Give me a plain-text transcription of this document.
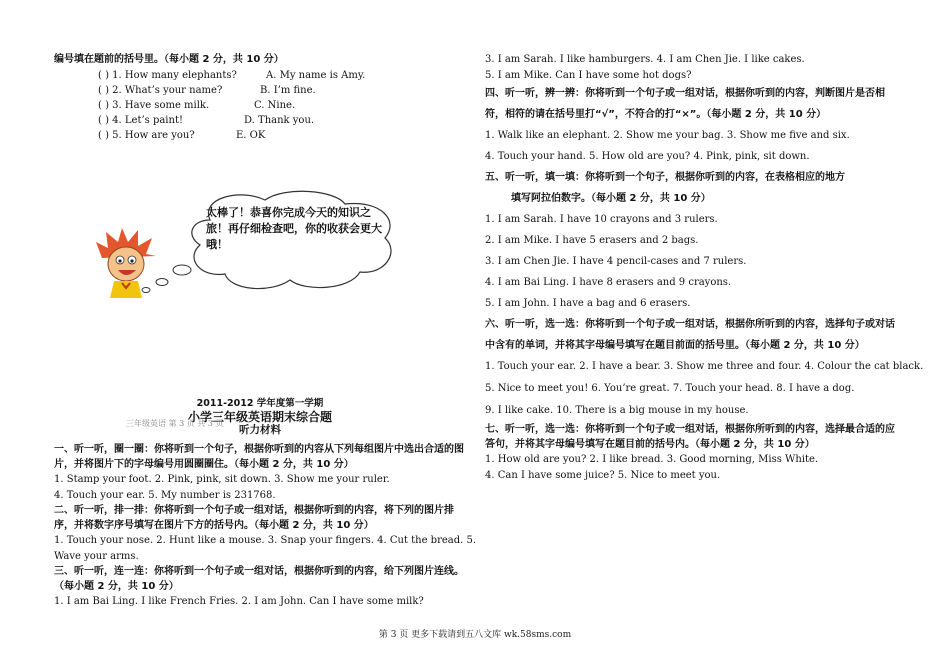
编号填在题前的括号里。（每小题 2 分，共 10 分）
( ) 1. How many elephants?	A. My name is Amy.
( ) 2. What’s your name?	B. I’m fine.
( ) 3. Have some milk.	C. Nine.
( ) 4. Let’s paint!	D. Thank you.
( ) 5. How are you?	E. OK
太棒了！恭喜你完成今天的知识之旅！再仔细检查吧，你的收获会更大哦！
2011-2012 学年度第一学期
小学三年级英语期末综合题
听力材料
三年级英语 第 3 页 共 3 页
一、听一听，圈一圈：你将听到一个句子，根据你听到的内容从下列每组图片中选出合适的图片，并将图片下的字母编号用圆圈圈住。（每小题 2 分，共 10 分）
1. Stamp your foot. 2. Pink, pink, sit down. 3. Show me your ruler.
4. Touch your ear. 5. My number is 231768.
二、听一听，排一排：你将听到一个句子或一组对话，根据你听到的内容，将下列的图片排序，并将数字序号填写在图片下方的括号内。（每小题 2 分，共 10 分）
1. Touch your nose. 2. Hunt like a mouse. 3. Snap your fingers. 4. Cut the bread. 5.
Wave your arms.
三、听一听，连一连：你将听到一个句子或一组对话，根据你听到的内容，给下列图片连线。（每小题 2 分，共 10 分）
1. I am Bai Ling. I like French Fries. 2. I am John. Can I have some milk?
3. I am Sarah. I like hamburgers. 4. I am Chen Jie. I like cakes.
5. I am Mike. Can I have some hot dogs?
四、听一听，辨一辨：你将听到一个句子或一组对话，根据你听到的内容，判断图片是否相符，相符的请在括号里打“√”，不符合的打“×”。（每小题 2 分，共 10 分）
1. Walk like an elephant. 2. Show me your bag. 3. Show me five and six.
4. Touch your hand. 5. How old are you? 4. Pink, pink, sit down.
五、听一听，填一填：你将听到一个句子，根据你听到的内容，在表格相应的地方
填写阿拉伯数字。（每小题 2 分，共 10 分）
1. I am Sarah. I have 10 crayons and 3 rulers.
2. I am Mike. I have 5 erasers and 2 bags.
3. I am Chen Jie. I have 4 pencil-cases and 7 rulers.
4. I am Bai Ling. I have 8 erasers and 9 crayons.
5. I am John. I have a bag and 6 erasers.
六、听一听，选一选：你将听到一个句子或一组对话，根据你所听到的内容，选择句子或对话中含有的单词，并将其字母编号填写在题目前面的括号里。（每小题 2 分，共 10 分）
1. Touch your ear. 2. I have a bear. 3. Show me three and four. 4. Colour the cat black.
5. Nice to meet you! 6. You’re great. 7. Touch your head. 8. I have a dog.
9. I like cake. 10. There is a big mouse in my house.
七、听一听，选一选：你将听到一个句子或一组对话，根据你所听到的内容，选择最合适的应答句，并将其字母编号填写在题目前的括号内。（每小题 2 分，共 10 分）
1. How old are you? 2. I like bread. 3. Good morning, Miss White.
4. Can I have some juice? 5. Nice to meet you.
第 3 页 更多下载请到五八文库 wk.58sms.com
